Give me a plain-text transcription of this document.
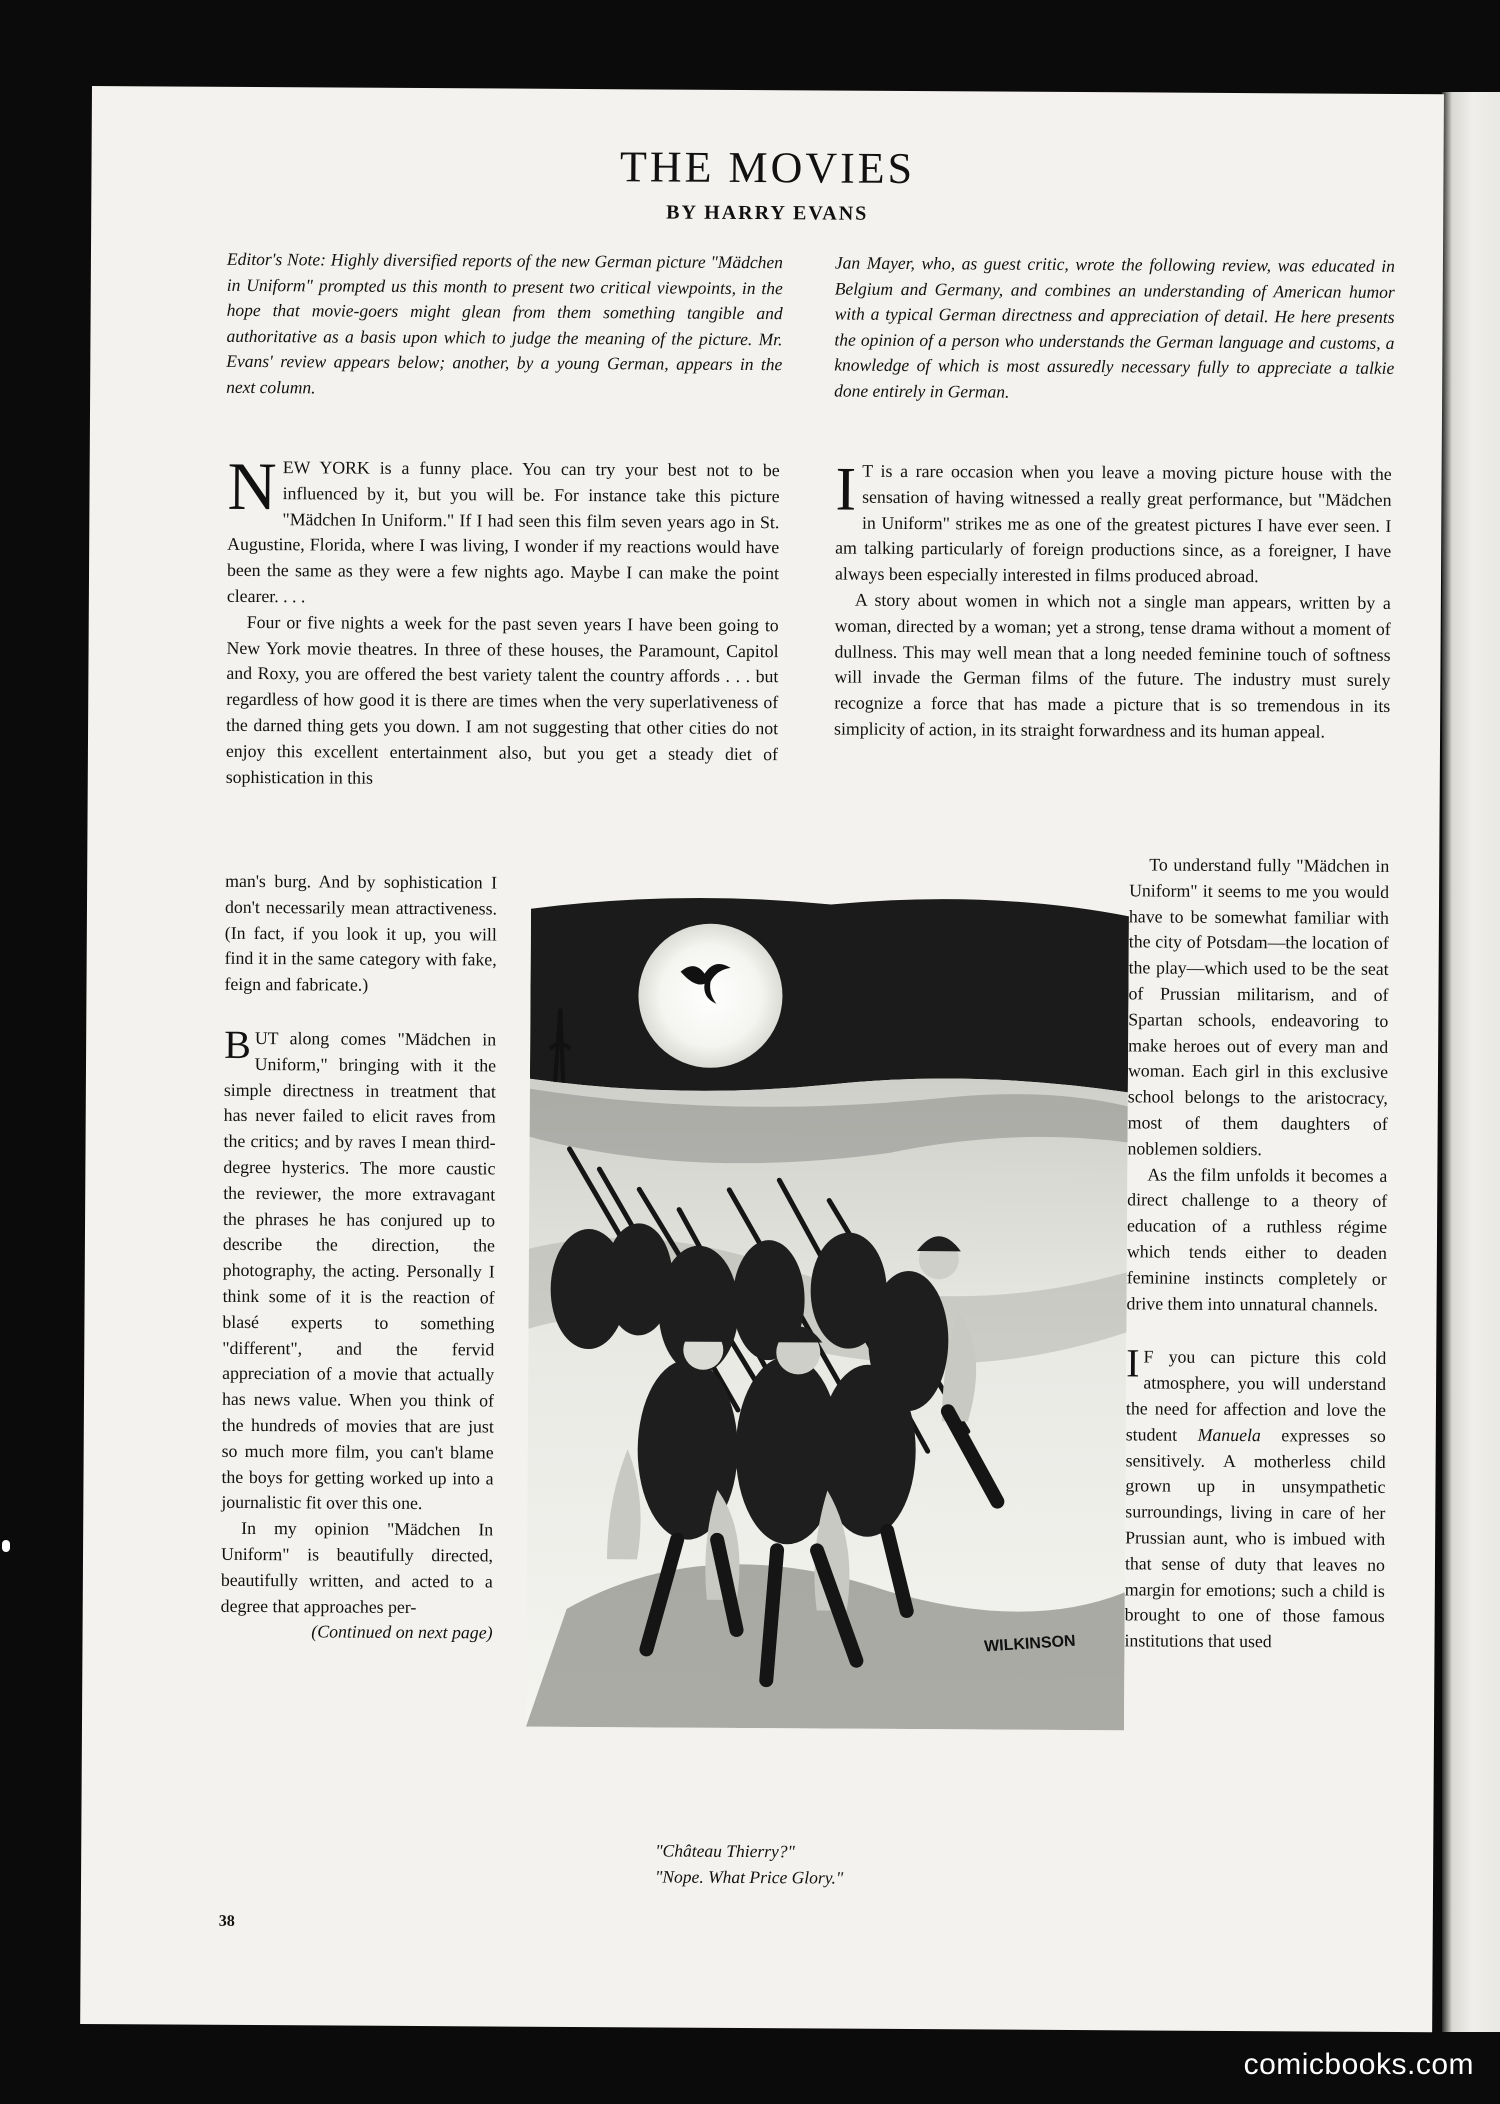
THE MOVIES
BY HARRY EVANS
Editor's Note: Highly diversified reports of the new German picture "Mädchen in Uniform" prompted us this month to present two critical viewpoints, in the hope that movie-goers might glean from them something tangible and authoritative as a basis upon which to judge the meaning of the picture. Mr. Evans' review appears below; another, by a young German, appears in the next column.
Jan Mayer, who, as guest critic, wrote the following review, was educated in Belgium and Germany, and combines an understanding of American humor with a typical German directness and appreciation of detail. He here presents the opinion of a person who understands the German language and customs, a knowledge of which is most assuredly necessary fully to appreciate a talkie done entirely in German.

NEW YORK is a funny place. You can try your best not to be influenced by it, but you will be. For instance take this picture "Mädchen In Uniform." If I had seen this film seven years ago in St. Augustine, Florida, where I was living, I wonder if my reactions would have been the same as they were a few nights ago. Maybe I can make the point clearer. . . .

Four or five nights a week for the past seven years I have been going to New York movie theatres. In three of these houses, the Paramount, Capitol and Roxy, you are offered the best variety talent the country affords . . . but regardless of how good it is there are times when the very superlativeness of the darned thing gets you down. I am not suggesting that other cities do not enjoy this excellent entertainment also, but you get a steady diet of sophistication in this

man's burg. And by sophistication I don't necessarily mean attractiveness. (In fact, if you look it up, you will find it in the same category with fake, feign and fabricate.)

BUT along comes "Mädchen in Uniform," bringing with it the simple directness in treatment that has never failed to elicit raves from the critics; and by raves I mean third-degree hysterics. The more caustic the reviewer, the more extravagant the phrases he has conjured up to describe the direction, the photography, the acting. Personally I think some of it is the reaction of blasé experts to something "different", and the fervid appreciation of a movie that actually has news value. When you think of the hundreds of movies that are just so much more film, you can't blame the boys for getting worked up into a journalistic fit over this one.

In my opinion "Mädchen In Uniform" is beautifully directed, beautifully written, and acted to a degree that approaches per-

(Continued on next page)

I T is a rare occasion when you leave a moving picture house with the sensation of having witnessed a really great performance, but "Mädchen in Uniform" strikes me as one of the greatest pictures I have ever seen. I am talking particularly of foreign productions since, as a foreigner, I have always been especially interested in films produced abroad.

A story about women in which not a single man appears, written by a woman, directed by a woman; yet a strong, tense drama without a moment of dullness. This may well mean that a long needed feminine touch of softness will invade the German films of the future. The industry must surely recognize a force that has made a picture that is so tremendous in its simplicity of action, in its straight forwardness and its human appeal.

To understand fully "Mädchen in Uniform" it seems to me you would have to be somewhat familiar with the city of Potsdam—the location of the play—which used to be the seat of Prussian militarism, and of Spartan schools, endeavoring to make heroes out of every man and woman. Each girl in this exclusive school belongs to the aristocracy, most of them daughters of noblemen soldiers.

As the film unfolds it becomes a direct challenge to a theory of education of a ruthless régime which tends either to deaden feminine instincts completely or drive them into unnatural channels.

I F you can picture this cold atmosphere, you will understand the need for affection and love the student Manuela expresses so sensitively. A motherless child grown up in unsympathetic surroundings, living in care of her Prussian aunt, who is imbued with that sense of duty that leaves no margin for emotions; such a child is brought to one of those famous institutions that used

WILKINSON
"Château Thierry?"
"Nope. What Price Glory."
38
comicbooks.com
